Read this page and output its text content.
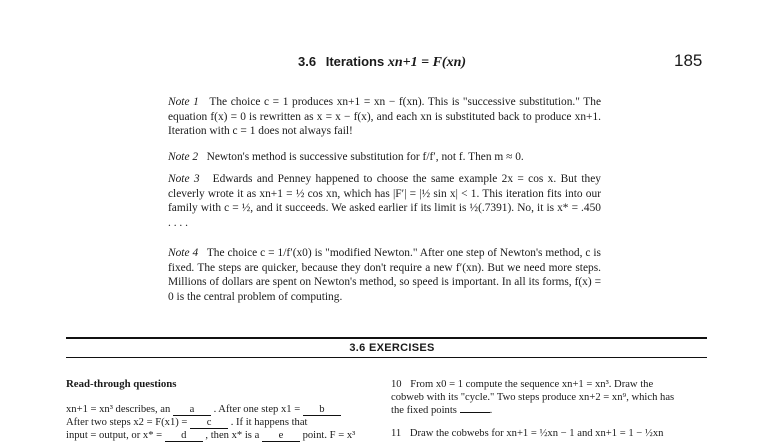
3.6 Iterations xn+1 = F(xn)	185
Note 1 The choice c = 1 produces xn+1 = xn − f(xn). This is "successive substitution." The equation f(x) = 0 is rewritten as x = x − f(x), and each xn is substituted back to produce xn+1. Iteration with c = 1 does not always fail!
Note 2 Newton's method is successive substitution for f/f′, not f. Then m ≈ 0.
Note 3 Edwards and Penney happened to choose the same example 2x = cos x. But they cleverly wrote it as xn+1 = ½ cos xn, which has |F′| = |½ sin x| < 1. This iteration fits into our family with c = ½, and it succeeds. We asked earlier if its limit is ½(.7391). No, it is x* = .450 . . . .
Note 4 The choice c = 1/f′(x0) is "modified Newton." After one step of Newton's method, c is fixed. The steps are quicker, because they don't require a new f′(xn). But we need more steps. Millions of dollars are spent on Newton's method, so speed is important. In all its forms, f(x) = 0 is the central problem of computing.
3.6 EXERCISES
Read-through questions
xn+1 = xn³ describes, an a . After one step x1 = b
After two steps x2 = F(x1) = c . If it happens that
input = output, or x* = d , then x* is a e point. F = x³
10 From x0 = 1 compute the sequence xn+1 = xn³. Draw the
cobweb with its "cycle." Two steps produce xn+2 = xn⁹, which has
the fixed points	.
11 Draw the cobwebs for xn+1 = ½xn − 1 and xn+1 = 1 − ½xn
